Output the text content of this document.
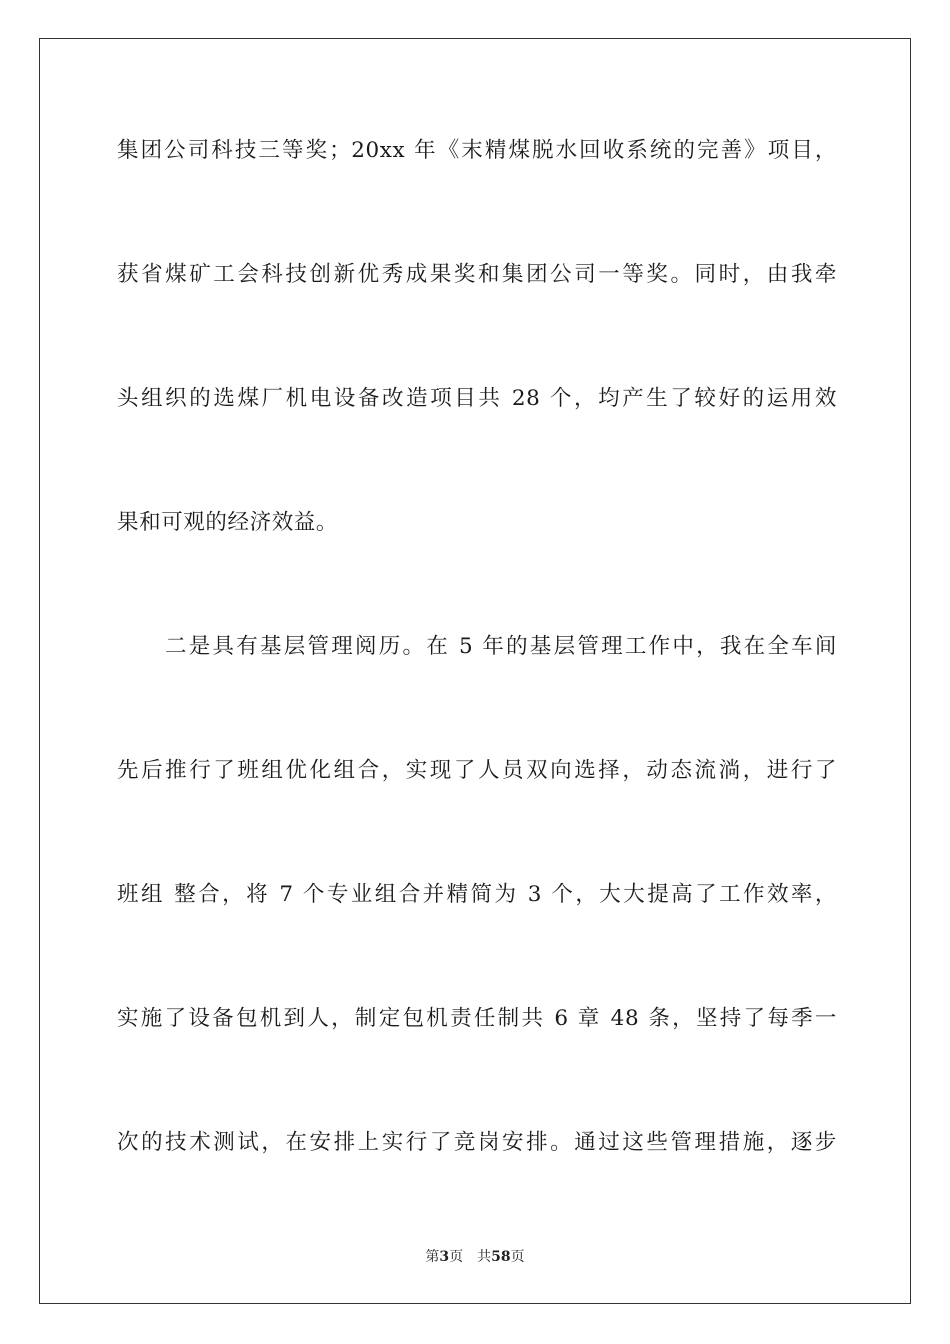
集团公司科技三等奖；20xx 年《末精煤脱水回收系统的完善》项目，
获省煤矿工会科技创新优秀成果奖和集团公司一等奖。同时，由我牵
头组织的选煤厂机电设备改造项目共 28 个，均产生了较好的运用效
果和可观的经济效益。
二是具有基层管理阅历。在 5 年的基层管理工作中，我在全车间
先后推行了班组优化组合，实现了人员双向选择，动态流淌，进行了
班组 整合，将 7 个专业组合并精简为 3 个，大大提高了工作效率，
实施了设备包机到人，制定包机责任制共 6 章 48 条，坚持了每季一
次的技术测试，在安排上实行了竞岗安排。通过这些管理措施，逐步
第3页 共58页
